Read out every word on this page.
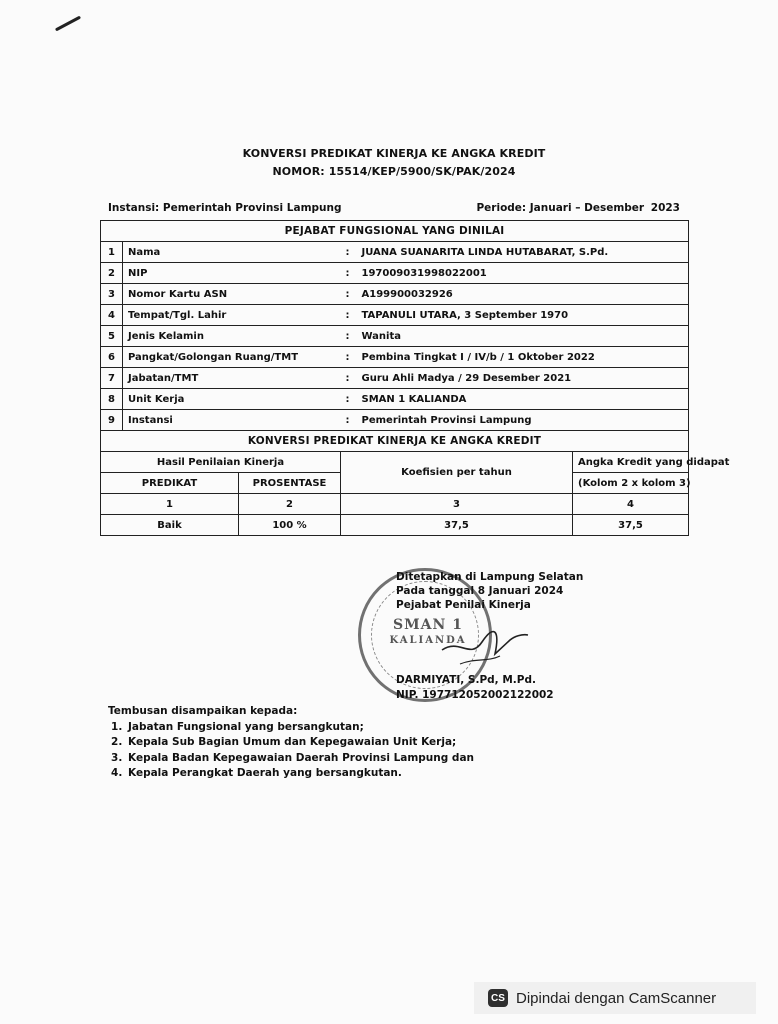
KONVERSI PREDIKAT KINERJA KE ANGKA KREDIT
NOMOR: 15514/KEP/5900/SK/PAK/2024
Instansi: Pemerintah Provinsi Lampung	Periode: Januari – Desember 2023
PEJABAT FUNGSIONAL YANG DINILAI				
1	Nama		: JUANA SUANARITA LINDA HUTABARAT, S.Pd.	
2	NIP		: 197009031998022001	
3	Nomor Kartu ASN		: A199900032926	
4	Tempat/Tgl. Lahir		: TAPANULI UTARA, 3 September 1970	
5	Jenis Kelamin		: Wanita	
6	Pangkat/Golongan Ruang/TMT		: Pembina Tingkat I / IV/b / 1 Oktober 2022	
7	Jabatan/TMT		: Guru Ahli Madya / 29 Desember 2021	
8	Unit Kerja		: SMAN 1 KALIANDA	
9	Instansi		: Pemerintah Provinsi Lampung	
KONVERSI PREDIKAT KINERJA KE ANGKA KREDIT				
Hasil Penilaian Kinerja			Koefisien per tahun	Angka Kredit yang didapat
PREDIKAT		PROSENTASE		(Kolom 2 x kolom 3)
1		2	3	4
Baik		100 %	37,5	37,5
SMAN 1
KALIANDA
Ditetapkan di Lampung Selatan
Pada tanggal 8 Januari 2024
Pejabat Penilai Kinerja
DARMIYATI, S.Pd, M.Pd.
NIP. 197712052002122002
Tembusan disampaikan kepada:
1. Jabatan Fungsional yang bersangkutan;
2. Kepala Sub Bagian Umum dan Kepegawaian Unit Kerja;
3. Kepala Badan Kepegawaian Daerah Provinsi Lampung dan
4. Kepala Perangkat Daerah yang bersangkutan.
CS Dipindai dengan CamScanner
